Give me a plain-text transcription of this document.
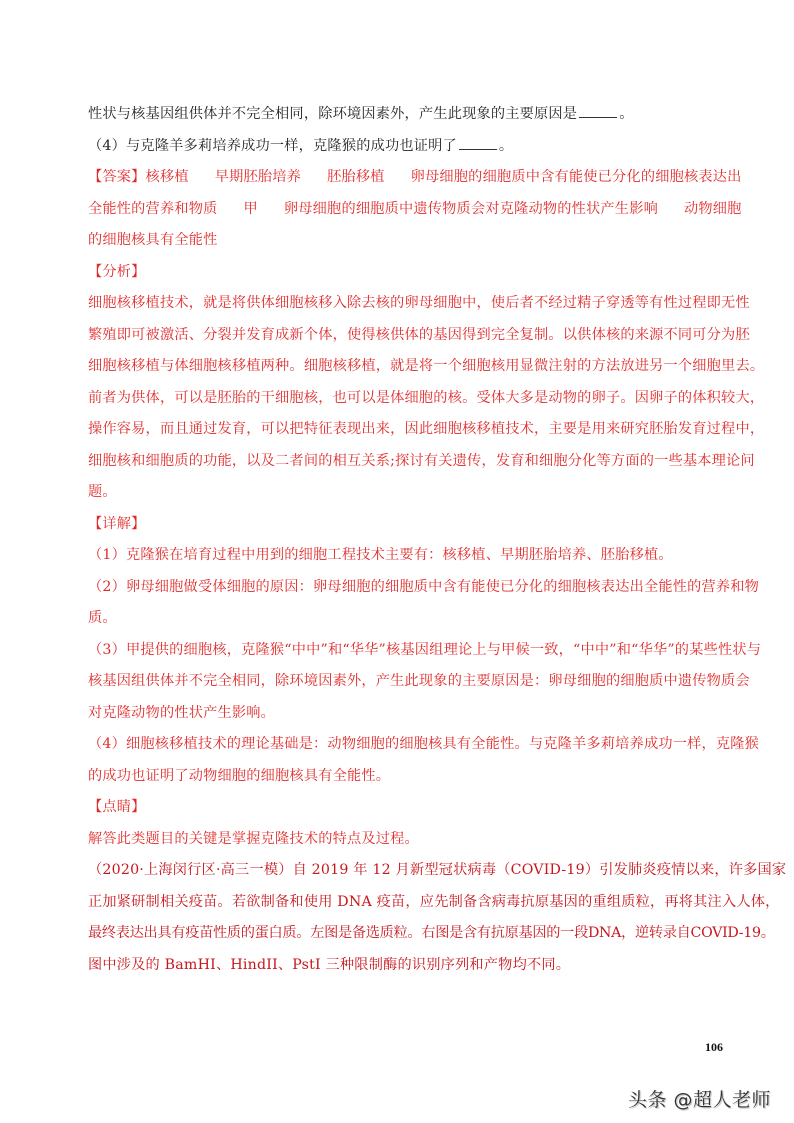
性状与核基因组供体并不完全相同，除环境因素外，产生此现象的主要原因是	。
（4）与克隆羊多莉培养成功一样，克隆猴的成功也证明了	。
【答案】核移植 早期胚胎培养 胚胎移植 卵母细胞的细胞质中含有能使已分化的细胞核表达出
全能性的营养和物质 甲 卵母细胞的细胞质中遗传物质会对克隆动物的性状产生影响 动物细胞
的细胞核具有全能性
【分析】
细胞核移植技术，就是将供体细胞核移入除去核的卵母细胞中，使后者不经过精子穿透等有性过程即无性
繁殖即可被激活、分裂并发育成新个体，使得核供体的基因得到完全复制。以供体核的来源不同可分为胚
细胞核移植与体细胞核移植两种。细胞核移植，就是将一个细胞核用显微注射的方法放进另一个细胞里去。
前者为供体，可以是胚胎的干细胞核，也可以是体细胞的核。受体大多是动物的卵子。因卵子的体积较大，
操作容易，而且通过发育，可以把特征表现出来，因此细胞核移植技术，主要是用来研究胚胎发育过程中，
细胞核和细胞质的功能，以及二者间的相互关系;探讨有关遗传，发育和细胞分化等方面的一些基本理论问
题。
【详解】
（1）克隆猴在培育过程中用到的细胞工程技术主要有：核移植、早期胚胎培养、胚胎移植。
（2）卵母细胞做受体细胞的原因：卵母细胞的细胞质中含有能使已分化的细胞核表达出全能性的营养和物
质。
（3）甲提供的细胞核，克隆猴“中中”和“华华”核基因组理论上与甲候一致，“中中”和“华华”的某些性状与
核基因组供体并不完全相同，除环境因素外，产生此现象的主要原因是：卵母细胞的细胞质中遗传物质会
对克隆动物的性状产生影响。
（4）细胞核移植技术的理论基础是：动物细胞的细胞核具有全能性。与克隆羊多莉培养成功一样，克隆猴
的成功也证明了动物细胞的细胞核具有全能性。
【点睛】
解答此类题目的关键是掌握克隆技术的特点及过程。
（2020·上海闵行区·高三一模）自 2019 年 12 月新型冠状病毒（COVID-19）引发肺炎疫情以来，许多国家
正加紧研制相关疫苗。若欲制备和使用 DNA 疫苗，应先制备含病毒抗原基因的重组质粒，再将其注入人体，
最终表达出具有疫苗性质的蛋白质。左图是备选质粒。右图是含有抗原基因的一段DNA，逆转录自COVID-19。
图中涉及的 BamHI、HindII、PstI 三种限制酶的识别序列和产物均不同。
106
头条 @超人老师
